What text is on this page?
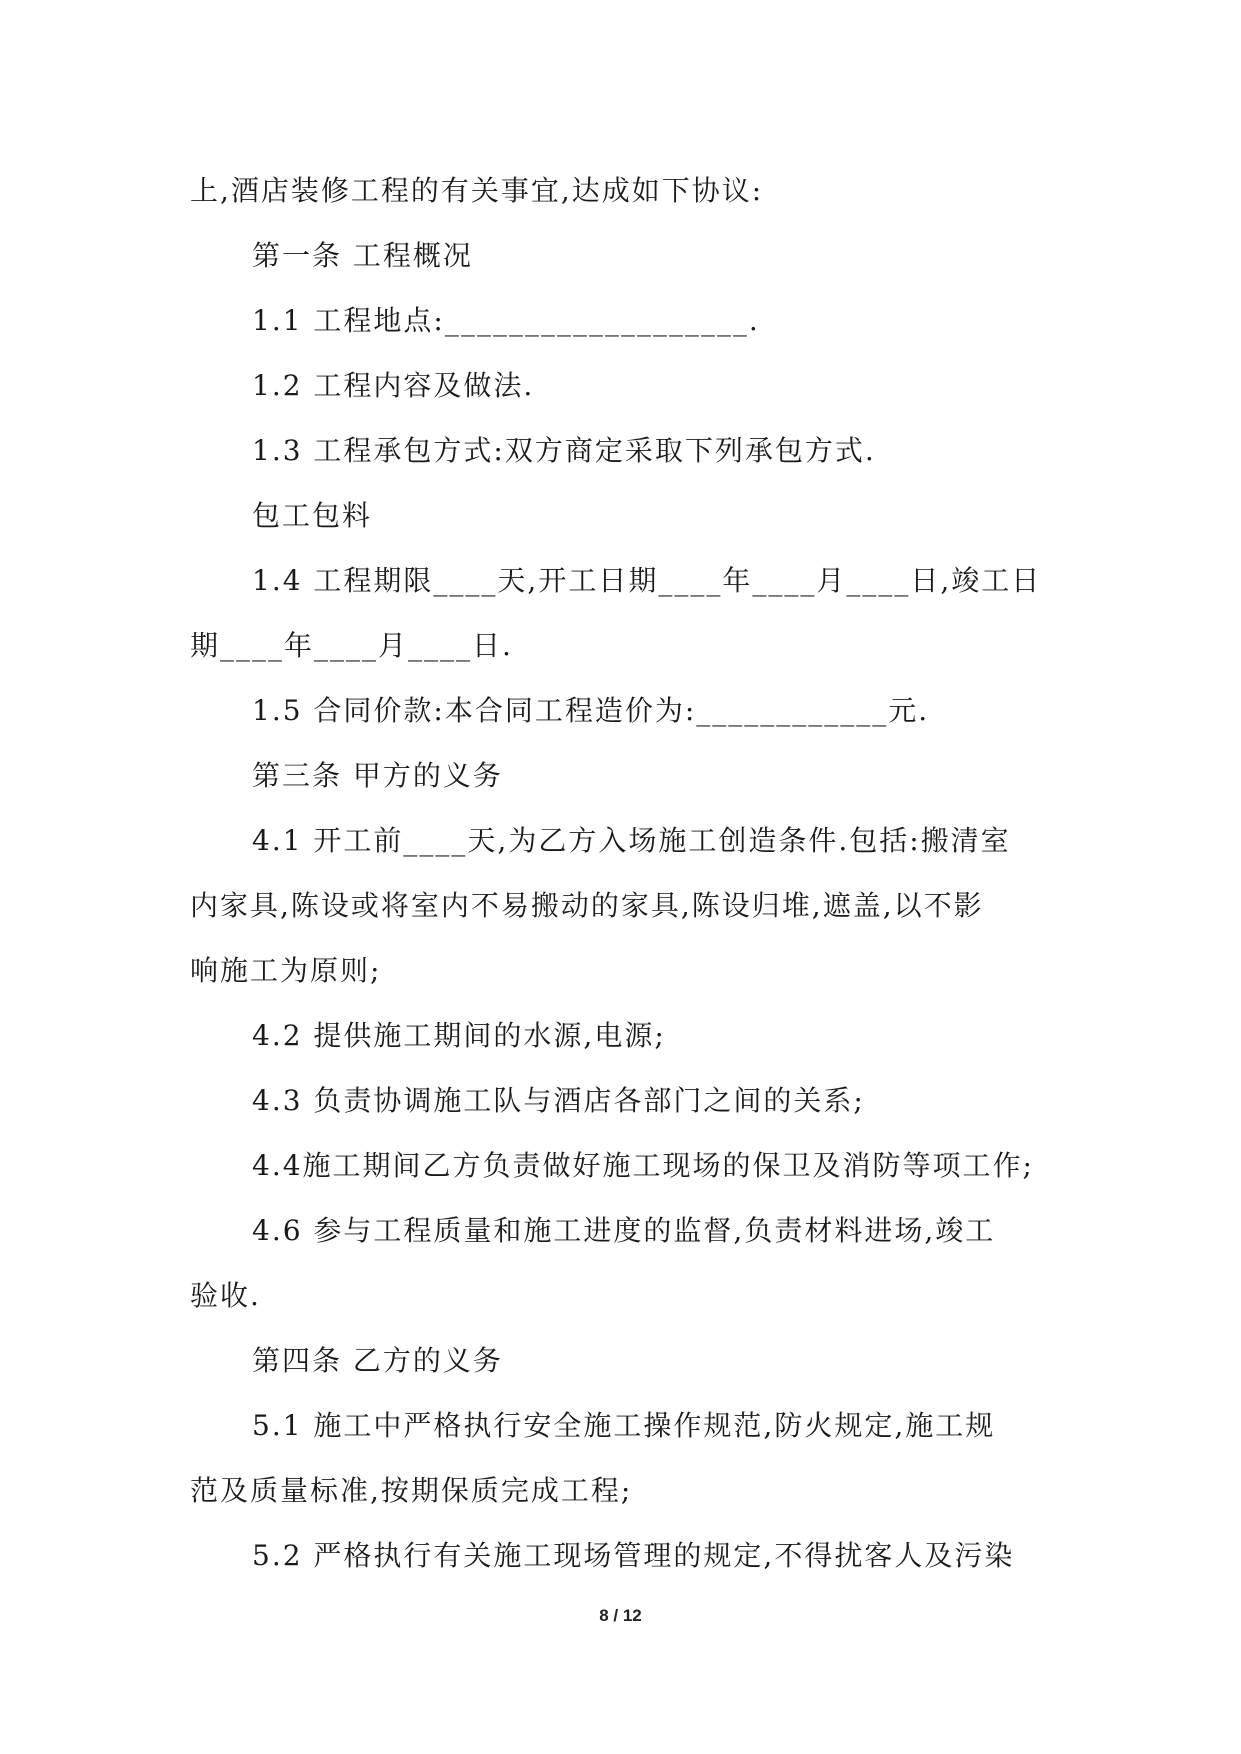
上,酒店装修工程的有关事宜,达成如下协议:
第一条 工程概况
1.1 工程地点:___________________.
1.2 工程内容及做法.
1.3 工程承包方式:双方商定采取下列承包方式.
包工包料
1.4 工程期限____天,开工日期____年____月____日,竣工日
期____年____月____日.
1.5 合同价款:本合同工程造价为:____________元.
第三条 甲方的义务
4.1 开工前____天,为乙方入场施工创造条件.包括:搬清室
内家具,陈设或将室内不易搬动的家具,陈设归堆,遮盖,以不影
响施工为原则;
4.2 提供施工期间的水源,电源;
4.3 负责协调施工队与酒店各部门之间的关系;
4.4施工期间乙方负责做好施工现场的保卫及消防等项工作;
4.6 参与工程质量和施工进度的监督,负责材料进场,竣工
验收.
第四条 乙方的义务
5.1 施工中严格执行安全施工操作规范,防火规定,施工规
范及质量标准,按期保质完成工程;
5.2 严格执行有关施工现场管理的规定,不得扰客人及污染
8 / 12
